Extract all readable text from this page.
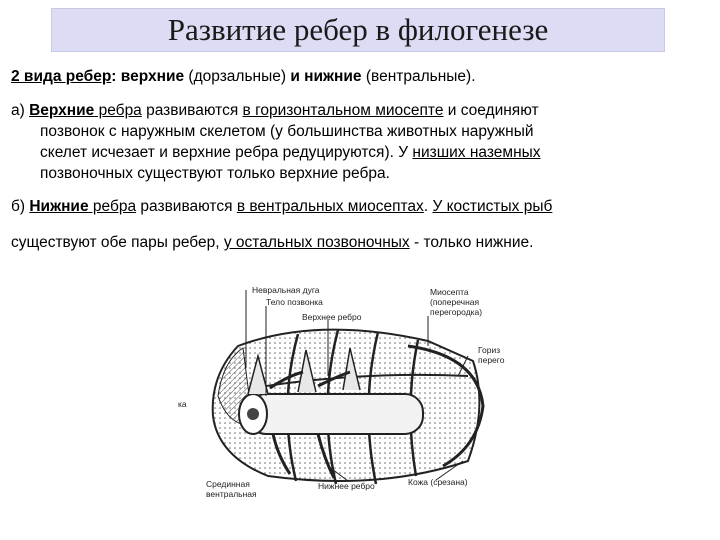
Развитие ребер в филогенезе
2 вида ребер: верхние (дорзальные) и нижние (вентральные).
а) Верхние ребра развиваются в горизонтальном миосепте и соединяют
позвонок с наружным скелетом (у большинства животных наружный
скелет исчезает и верхние ребра редуцируются). У низших наземных
позвоночных существуют только верхние ребра.
б) Нижние ребра развиваются в вентральных миосептах. У костистых рыб
существуют обе пары ребер, у остальных позвоночных - только нижние.
Невральная дуга
Тело позвонка
Верхнее ребро
Миосепта
(поперечная
перегородка)
Гориз
перего
ка
Срединная
вентральная
Нижнее ребро	Кожа (срезана)
